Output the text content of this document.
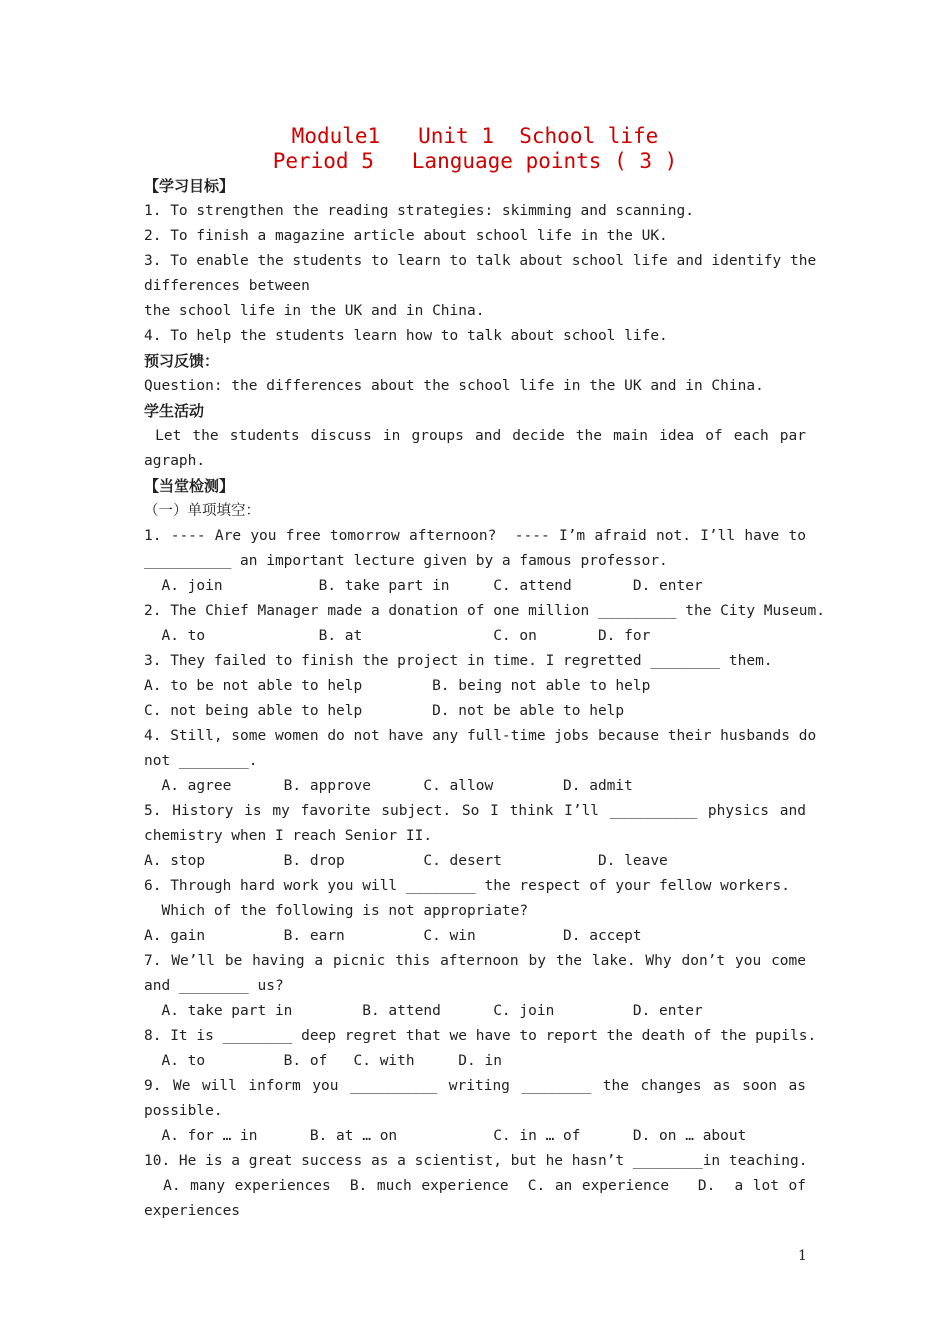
Module1   Unit 1  School life
Period 5   Language points ( 3 )
【学习目标】
1. To strengthen the reading strategies: skimming and scanning.
2. To finish a magazine article about school life in the UK.
3. To enable the students to learn to talk about school life and identify the
differences between
the school life in the UK and in China.
4. To help the students learn how to talk about school life.
预习反馈：
Question: the differences about the school life in the UK and in China.
学生活动
Let the students discuss in groups and decide the main idea of each par
agraph.
【当堂检测】
（一）单项填空：
1. ---- Are you free tomorrow afternoon?  ---- I’m afraid not. I’ll have to
__________ an important lecture given by a famous professor.
A. join           B. take part in     C. attend       D. enter
2. The Chief Manager made a donation of one million _________ the City Museum.
A. to             B. at               C. on       D. for
3. They failed to finish the project in time. I regretted ________ them.
A. to be not able to help        B. being not able to help
C. not being able to help        D. not be able to help
4. Still, some women do not have any full-time jobs because their husbands do
not ________.
A. agree      B. approve      C. allow        D. admit
5. History is my favorite subject. So I think I’ll __________ physics and
chemistry when I reach Senior II.
A. stop         B. drop         C. desert           D. leave
6. Through hard work you will ________ the respect of your fellow workers.
Which of the following is not appropriate?
A. gain         B. earn         C. win          D. accept
7. We’ll be having a picnic this afternoon by the lake. Why don’t you come
and ________ us?
A. take part in        B. attend      C. join         D. enter
8. It is ________ deep regret that we have to report the death of the pupils.
A. to         B. of   C. with     D. in
9. We will inform you __________ writing ________ the changes as soon as
possible.
A. for … in      B. at … on           C. in … of      D. on … about
10. He is a great success as a scientist, but he hasn’t ________in teaching.
A. many experiences  B. much experience  C. an experience   D.  a lot of
experiences
1
